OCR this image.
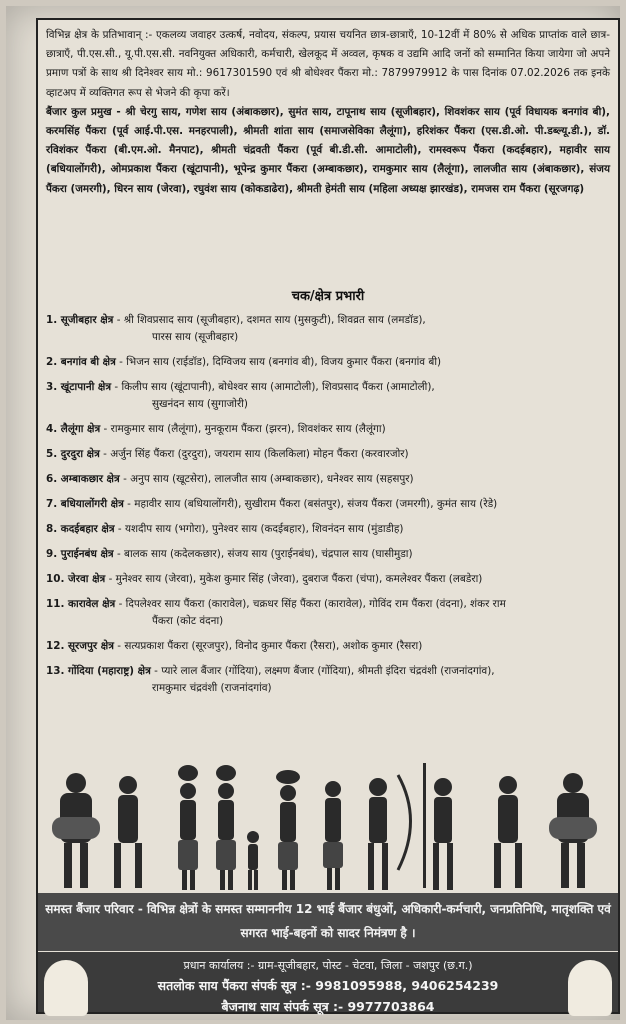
विभिन्न क्षेत्र के प्रतिभावान् :- एकलव्य जवाहर उत्कर्ष, नवोदय, संकल्प, प्रयास चयनित छात्र-छात्राएँ, 10-12वीं में 80% से अधिक प्राप्तांक वाले छात्र-छात्राएँ, पी.एस.सी., यू.पी.एस.सी. नवनियुक्त अधिकारी, कर्मचारी, खेलकूद में अव्वल, कृषक व उद्यमि आदि जनों को सम्मानित किया जायेगा जो अपने प्रमाण पत्रों के साथ श्री दिनेश्वर साय मो.: 9617301590 एवं श्री बोधेश्वर पैंकरा मो.: 7879979912 के पास दिनांक 07.02.2026 तक इनके व्हाटअप में व्यक्तिगत रूप से भेजने की कृपा करें।
बैंजार कुल प्रमुख - श्री चेरगु साय, गणेश साय (अंबाकछार), सुमंत साय, टापूनाथ साय (सूजीबहार), शिवशंकर साय (पूर्व विधायक बनगांव बी), करमसिंह पैंकरा (पूर्व आई.पी.एस. मनहरपाली), श्रीमती शांता साय (समाजसेविका लैलूंगा), हरिशंकर पैंकरा (एस.डी.ओ. पी.डब्ल्यू.डी.), डॉ. रविशंकर पैंकरा (बी.एम.ओ. मैनपाट), श्रीमती चंद्रवती पैंकरा (पूर्व बी.डी.सी. आमाटोली), रामस्वरूप पैंकरा (कदईबहार), महावीर साय (बधियालोंगरी), ओमप्रकाश पैंकरा (खूंटापानी), भूपेन्द्र कुमार पैंकरा (अम्बाकछार), रामकुमार साय (लैलूंगा), लालजीत साय (अंबाकछार), संजय पैंकरा (जमरगी), धिरन साय (जेरवा), रघुवंश साय (कोकडाढेरा), श्रीमती हेमंती साय (महिला अध्यक्ष झारखंड), रामजस राम पैंकरा (सूरजगढ़)
चक/क्षेत्र प्रभारी
1. सूजीबहार क्षेत्र - श्री शिवप्रसाद साय (सूजीबहार), दशमत साय (मुसकुटी), शिवव्रत साय (लमडॉड),
पारस साय (सूजीबहार)
2. बनगांव बी क्षेत्र - भिजन साय (राईडॉड), दिग्विजय साय (बनगांव बी), विजय कुमार पैंकरा (बनगांव बी)
3. खूंटापानी क्षेत्र - किलीप साय (खूंटापानी), बोधेश्वर साय (आमाटोली), शिवप्रसाद पैंकरा (आमाटोली),
सुखनंदन साय (सुगाजोरी)
4. लैलूंगा क्षेत्र - रामकुमार साय (लैलूंगा), मुनकूराम पैंकरा (झरन), शिवशंकर साय (लैलूंगा)
5. दुरदुरा क्षेत्र - अर्जुन सिंह पैंकरा (दुरदुरा), जयराम साय (किलकिला) मोहन पैंकरा (करवारजोर)
6. अम्बाकछार क्षेत्र - अनुप साय (खूटसेरा), लालजीत साय (अम्बाकछार), धनेश्वर साय (सहसपुर)
7. बधियालोंगरी क्षेत्र - महावीर साय (बधियालोंगरी), सुखीराम पैंकरा (बसंतपुर), संजय पैंकरा (जमरगी), कुमंत साय (रेडे)
8. कदईबहार क्षेत्र - यशदीप साय (भगोरा), पुनेश्वर साय (कदईबहार), शिवनंदन साय (मुंडाडीह)
9. पुराईनबंध क्षेत्र - बालक साय (कदेलकछार), संजय साय (पुराईनबंध), चंद्रपाल साय (घासीमुडा)
10. जेरवा क्षेत्र - मुनेश्वर साय (जेरवा), मुकेश कुमार सिंह (जेरवा), दुबराज पैंकरा (चंपा), कमलेश्वर पैंकरा (लबडेरा)
11. कारावेल क्षेत्र - दिपलेश्वर साय पैंकरा (कारावेल), चक्रधर सिंह पैंकरा (कारावेल), गोविंद राम पैंकरा (वंदना), शंकर राम
पैंकरा (कोट वंदना)
12. सूरजपुर क्षेत्र - सत्यप्रकाश पैंकरा (सूरजपुर), विनोद कुमार पैंकरा (रैसरा), अशोक कुमार (रैसरा)
13. गोंदिया (महाराष्ट्र) क्षेत्र - प्यारे लाल बैंजार (गोंदिया), लक्ष्मण बैंजार (गोंदिया), श्रीमती इंदिरा चंद्रवंशी (राजनांदगांव),
रामकुमार चंद्रवंशी (राजनांदगांव)
समस्त बैंजार परिवार - विभिन्न क्षेत्रों के समस्त सम्माननीय 12 भाई बैंजार बंधुओं, अधिकारी-कर्मचारी, जनप्रतिनिधि, मातृशक्ति एवं सगरत भाई-बहनों को सादर निमंत्रण है ।
प्रधान कार्यालय :- ग्राम-सूजीबहार, पोस्ट - चेटवा, जिला - जशपुर (छ.ग.)
सतलोक साय पैंकरा संपर्क सूत्र :- 9981095988, 9406254239
बैजनाथ साय संपर्क सूत्र :- 9977703864
